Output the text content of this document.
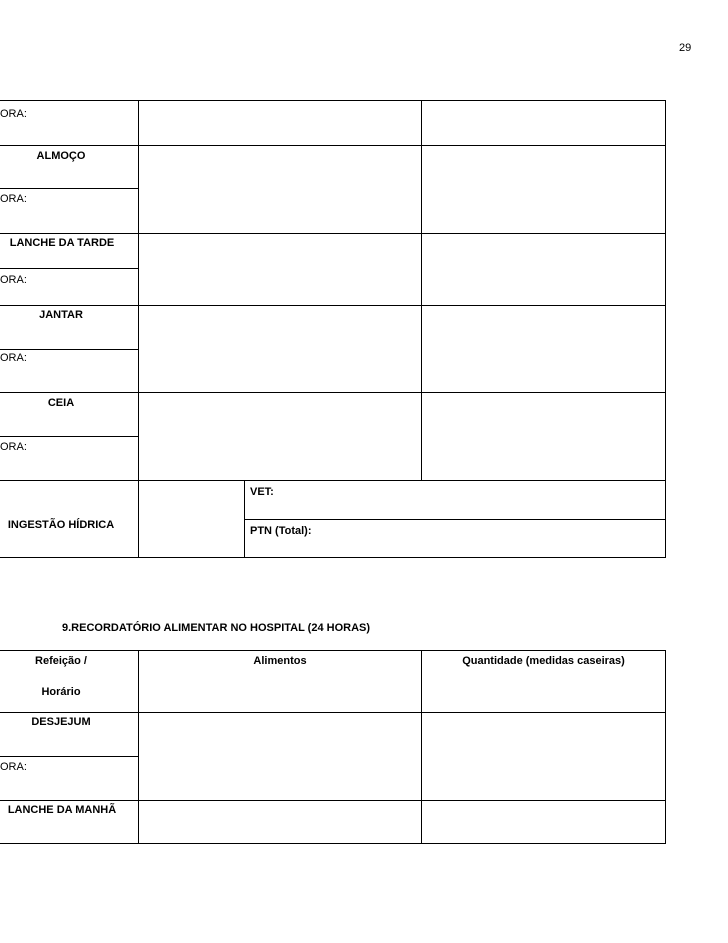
29
ORA:
ALMOÇO
ORA:
LANCHE DA TARDE
ORA:
JANTAR
ORA:
CEIA
ORA:
INGESTÃO HÍDRICA
VET:
PTN (Total):
9.RECORDATÓRIO ALIMENTAR NO HOSPITAL (24 HORAS)
Refeição /
Horário
Alimentos	Quantidade (medidas caseiras)
DESJEJUM
ORA:
LANCHE DA MANHÃ
